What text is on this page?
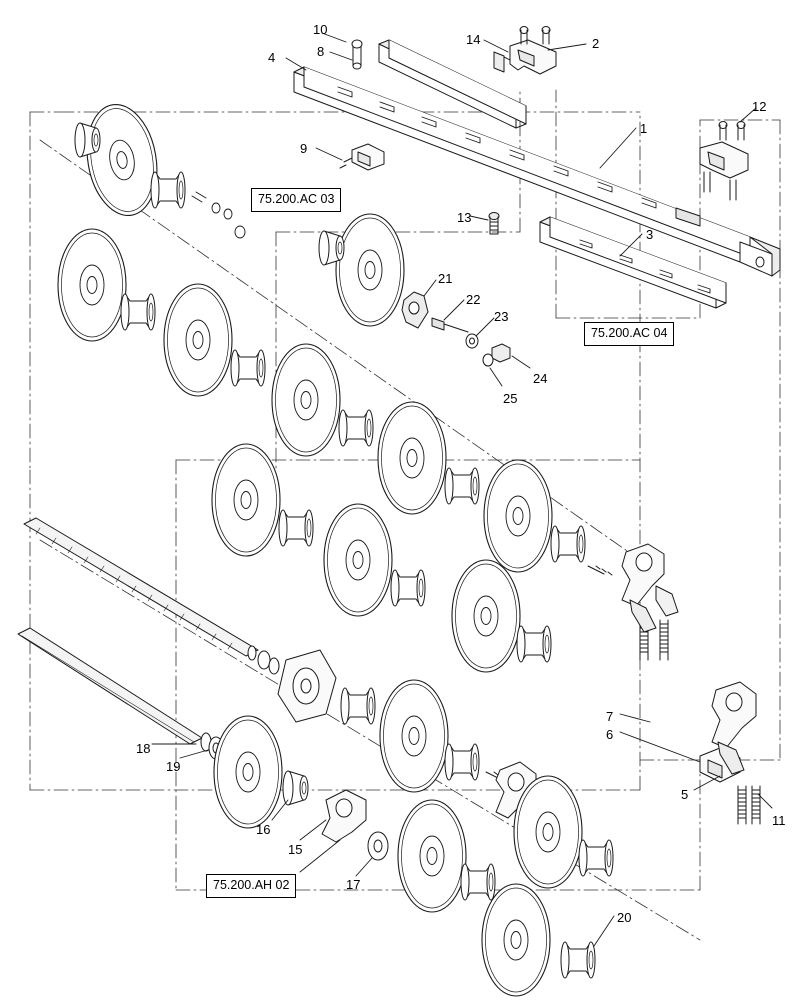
75.200.AC 03
75.200.AC 04
75.200.AH 02
10
14	2
8
4
12
1
9
13
3
21
22
23
24
25
7
6
5
11
18
19
16
15
17
20
